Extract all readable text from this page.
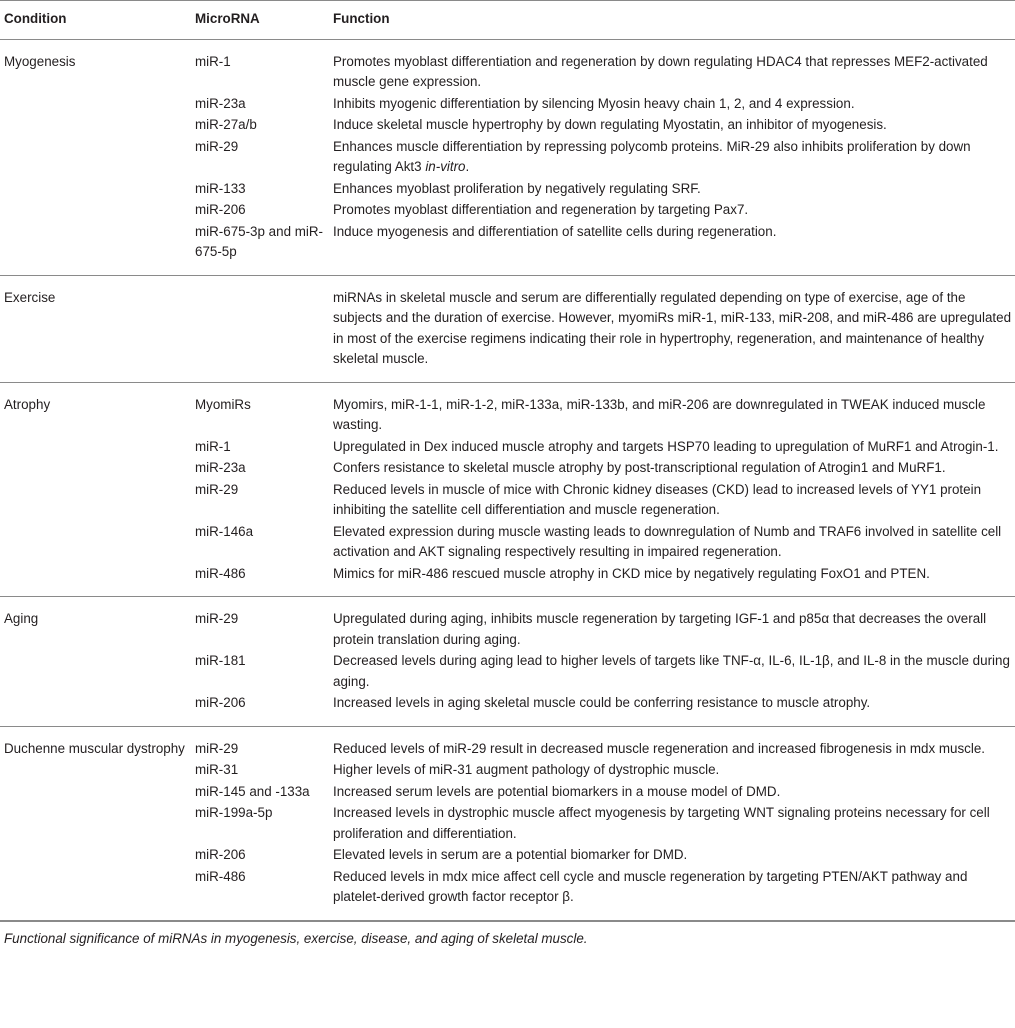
Condition	MicroRNA	Function
Myogenesis	miR-1	Promotes myoblast differentiation and regeneration by down regulating HDAC4 that represses MEF2-activated muscle gene expression.
	miR-23a	Inhibits myogenic differentiation by silencing Myosin heavy chain 1, 2, and 4 expression.
	miR-27a/b	Induce skeletal muscle hypertrophy by down regulating Myostatin, an inhibitor of myogenesis.
	miR-29	Enhances muscle differentiation by repressing polycomb proteins. MiR-29 also inhibits proliferation by down regulating Akt3 in-vitro.
	miR-133	Enhances myoblast proliferation by negatively regulating SRF.
	miR-206	Promotes myoblast differentiation and regeneration by targeting Pax7.
	miR-675-3p and miR-675-5p	Induce myogenesis and differentiation of satellite cells during regeneration.
Exercise		miRNAs in skeletal muscle and serum are differentially regulated depending on type of exercise, age of the subjects and the duration of exercise. However, myomiRs miR-1, miR-133, miR-208, and miR-486 are upregulated in most of the exercise regimens indicating their role in hypertrophy, regeneration, and maintenance of healthy skeletal muscle.
Atrophy	MyomiRs	Myomirs, miR-1-1, miR-1-2, miR-133a, miR-133b, and miR-206 are downregulated in TWEAK induced muscle wasting.
	miR-1	Upregulated in Dex induced muscle atrophy and targets HSP70 leading to upregulation of MuRF1 and Atrogin-1.
	miR-23a	Confers resistance to skeletal muscle atrophy by post-transcriptional regulation of Atrogin1 and MuRF1.
	miR-29	Reduced levels in muscle of mice with Chronic kidney diseases (CKD) lead to increased levels of YY1 protein inhibiting the satellite cell differentiation and muscle regeneration.
	miR-146a	Elevated expression during muscle wasting leads to downregulation of Numb and TRAF6 involved in satellite cell activation and AKT signaling respectively resulting in impaired regeneration.
	miR-486	Mimics for miR-486 rescued muscle atrophy in CKD mice by negatively regulating FoxO1 and PTEN.
Aging	miR-29	Upregulated during aging, inhibits muscle regeneration by targeting IGF-1 and p85α that decreases the overall protein translation during aging.
	miR-181	Decreased levels during aging lead to higher levels of targets like TNF-α, IL-6, IL-1β, and IL-8 in the muscle during aging.
	miR-206	Increased levels in aging skeletal muscle could be conferring resistance to muscle atrophy.
Duchenne muscular dystrophy	miR-29	Reduced levels of miR-29 result in decreased muscle regeneration and increased fibrogenesis in mdx muscle.
	miR-31	Higher levels of miR-31 augment pathology of dystrophic muscle.
	miR-145 and -133a	Increased serum levels are potential biomarkers in a mouse model of DMD.
	miR-199a-5p	Increased levels in dystrophic muscle affect myogenesis by targeting WNT signaling proteins necessary for cell proliferation and differentiation.
	miR-206	Elevated levels in serum are a potential biomarker for DMD.
	miR-486	Reduced levels in mdx mice affect cell cycle and muscle regeneration by targeting PTEN/AKT pathway and platelet-derived growth factor receptor β.
Functional significance of miRNAs in myogenesis, exercise, disease, and aging of skeletal muscle.
